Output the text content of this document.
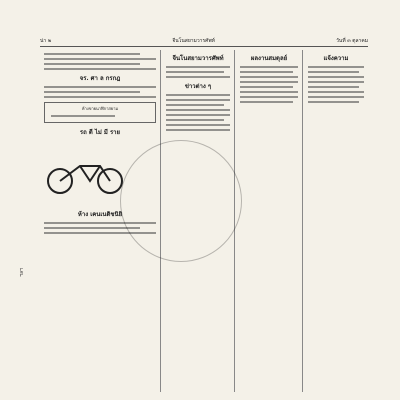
ฯลฯ
น่า ๒	จีนโนสยามวารศัพท์	วันที่ ๓ ตุลาคม
จร. ศา ล กรกฎ
ห้างขายนาฬิกาสยาม
รถ ดี ไม่ มี ราย
ห้าง เคนเนดิชนิยิ
จีนโนสยามวารศัพท์
ข่าวต่าง ๆ
ผลงานสมดุลย์	แจ้งความ
